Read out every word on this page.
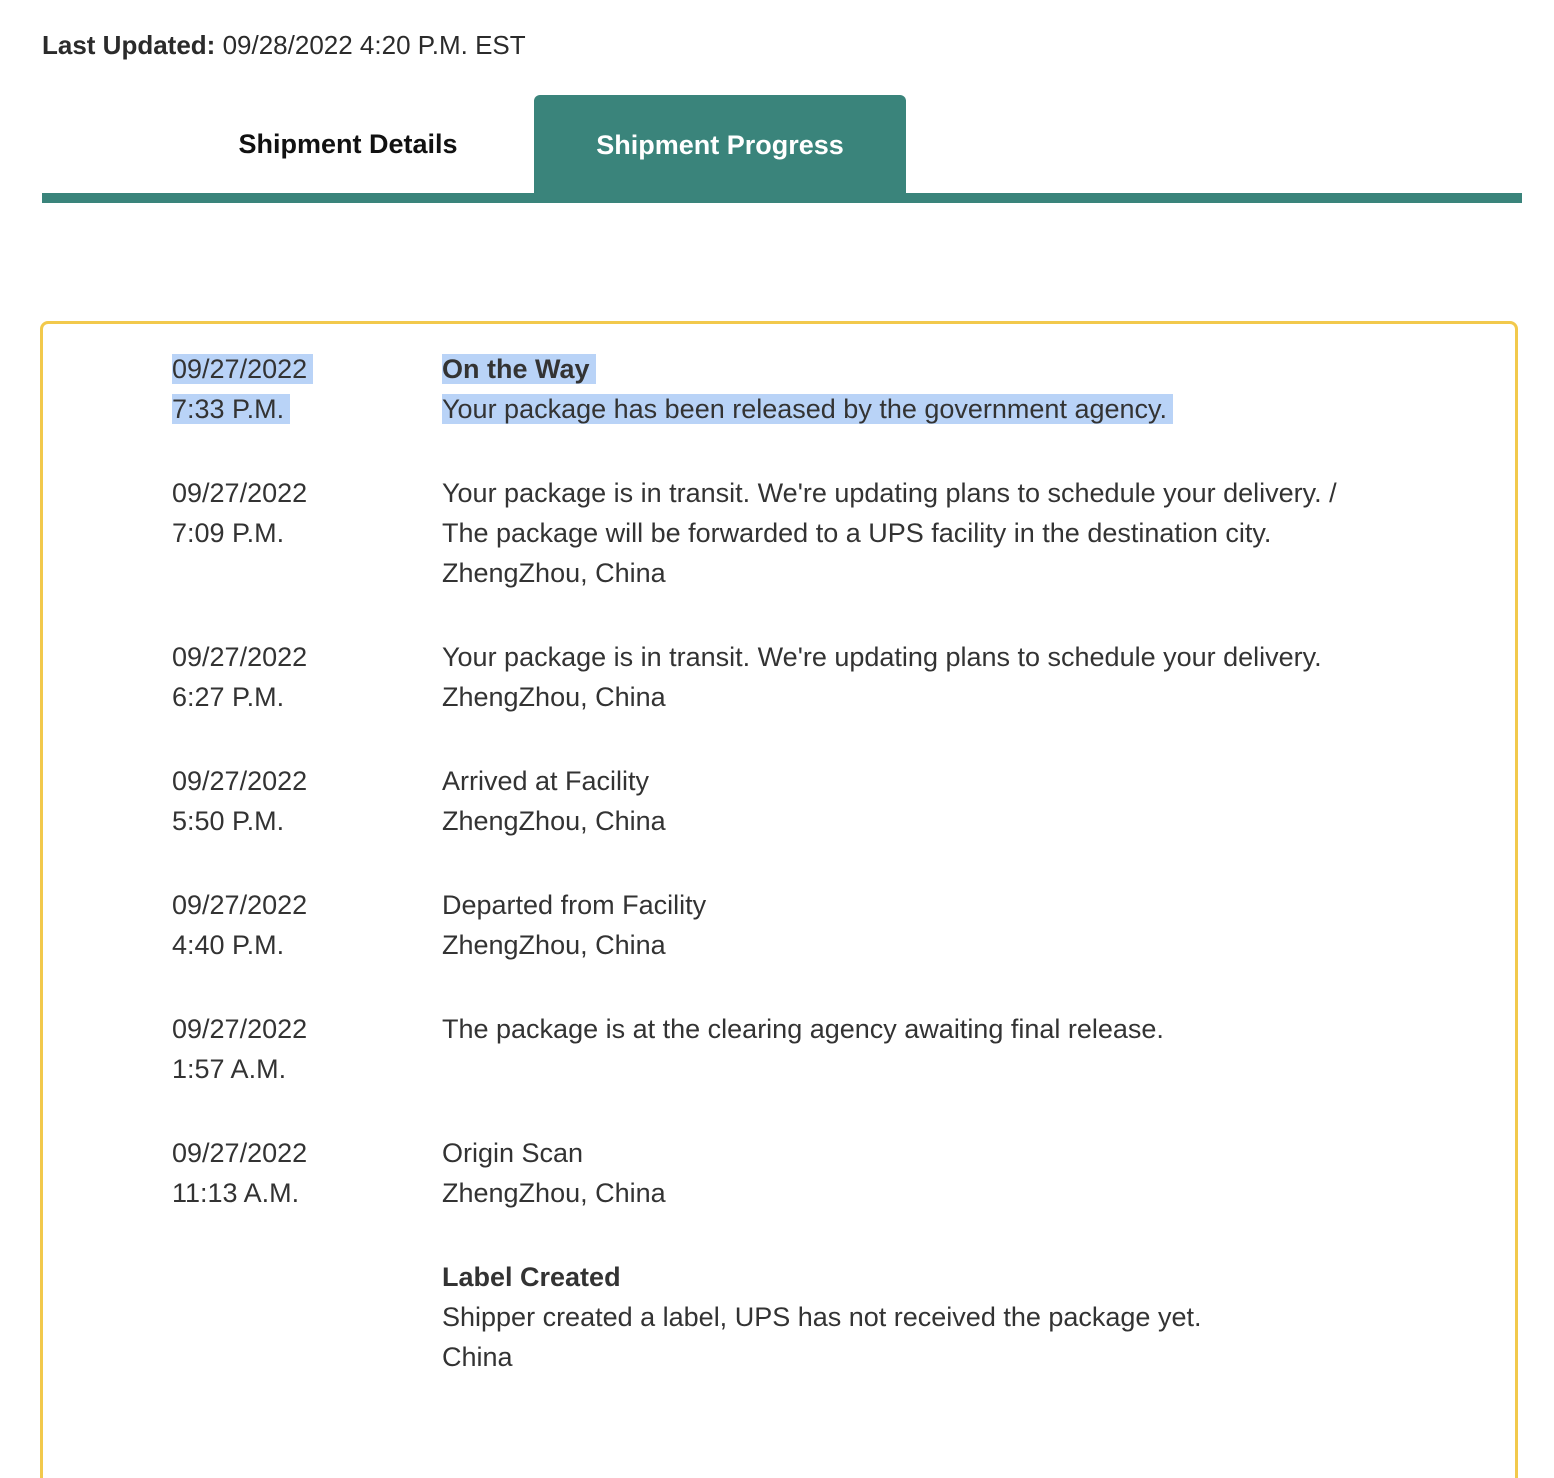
Last Updated: 09/28/2022 4:20 P.M. EST
Shipment Details	Shipment Progress
09/27/2022
7:33 P.M.
On the Way
Your package has been released by the government agency.
09/27/2022
7:09 P.M.
Your package is in transit. We're updating plans to schedule your delivery. /
The package will be forwarded to a UPS facility in the destination city.
ZhengZhou, China
09/27/2022
6:27 P.M.
Your package is in transit. We're updating plans to schedule your delivery.
ZhengZhou, China
09/27/2022
5:50 P.M.
Arrived at Facility
ZhengZhou, China
09/27/2022
4:40 P.M.
Departed from Facility
ZhengZhou, China
09/27/2022
1:57 A.M.
The package is at the clearing agency awaiting final release.
09/27/2022
11:13 A.M.
Origin Scan
ZhengZhou, China
Label Created
Shipper created a label, UPS has not received the package yet.
China
